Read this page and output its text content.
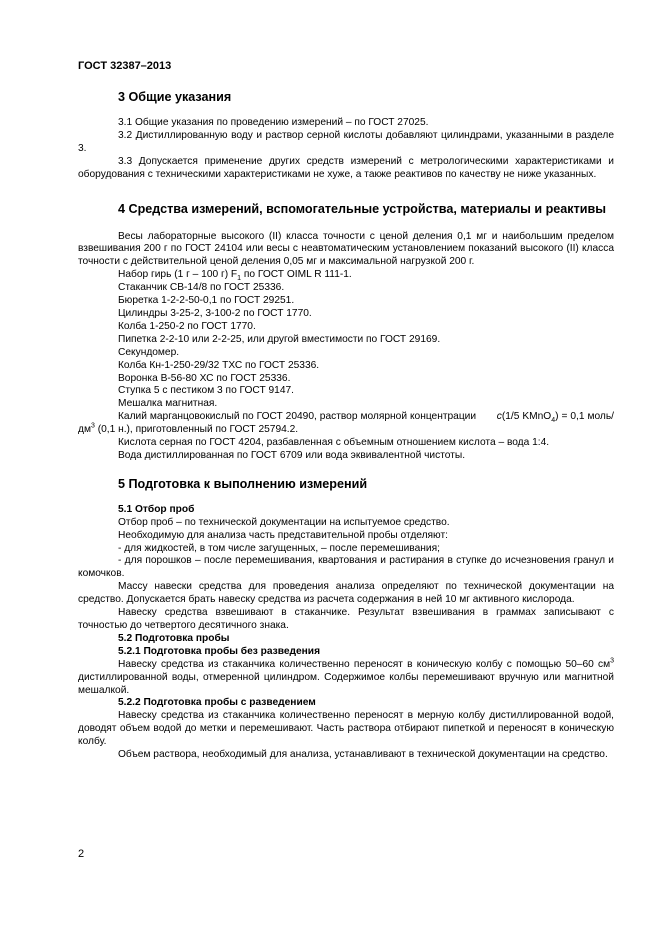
ГОСТ 32387–2013
3 Общие указания

3.1 Общие указания по проведению измерений – по ГОСТ 27025.

3.2 Дистиллированную воду и раствор серной кислоты добавляют цилиндрами, указанными в разделе 3.

3.3 Допускается применение других средств измерений с метрологическими характеристиками и оборудования с техническими характеристиками не хуже, а также реактивов по качеству не ниже указанных.

4 Средства измерений, вспомогательные устройства, материалы и реактивы

Весы лабораторные высокого (II) класса точности с ценой деления 0,1 мг и наибольшим пределом взвешивания 200 г по ГОСТ 24104 или весы с неавтоматическим установлением показаний высокого (II) класса точности с действительной ценой деления 0,05 мг и максимальной нагрузкой 200 г.

Набор гирь (1 г – 100 г) $F_1$ по ГОСТ OIML R 111-1.

Стаканчик СВ-14/8 по ГОСТ 25336.

Бюретка 1-2-2-50-0,1 по ГОСТ 29251.

Цилиндры 3-25-2, 3-100-2 по ГОСТ 1770.

Колба 1-250-2 по ГОСТ 1770.

Пипетка 2-2-10 или 2-2-25, или другой вместимости по ГОСТ 29169.

Секундомер.

Колба Кн-1-250-29/32 ТХС по ГОСТ 25336.

Воронка В-56-80 ХС по ГОСТ 25336.

Ступка 5 с пестиком 3 по ГОСТ 9147.

Мешалка магнитная.

Калий марганцовокислый по ГОСТ 20490, раствор молярной концентрации       c(1/5 KMnO$_4$) = 0,1 моль/$дм^3$ (0,1 н.), приготовленный по ГОСТ 25794.2.

Кислота серная по ГОСТ 4204, разбавленная с объемным отношением кислота – вода 1:4.

Вода дистиллированная по ГОСТ 6709 или вода эквивалентной чистоты.

5 Подготовка к выполнению измерений

5.1 Отбор проб

Отбор проб – по технической документации на испытуемое средство.

Необходимую для анализа часть представительной пробы отделяют:

- для жидкостей, в том числе загущенных, – после перемешивания;

- для порошков – после перемешивания, квартования и растирания в ступке до исчезновения гранул и комочков.

Массу навески средства для проведения анализа определяют по технической документации на средство. Допускается брать навеску средства из расчета содержания в ней 10 мг активного кислорода.

Навеску средства взвешивают в стаканчике. Результат взвешивания в граммах записывают с точностью до четвертого десятичного знака.

5.2 Подготовка пробы

5.2.1 Подготовка пробы без разведения

Навеску средства из стаканчика количественно переносят в коническую колбу с помощью 50–60 $см^3$ дистиллированной воды, отмеренной цилиндром. Содержимое колбы перемешивают вручную или магнитной мешалкой.

5.2.2 Подготовка пробы с разведением

Навеску средства из стаканчика количественно переносят в мерную колбу дистиллированной водой, доводят объем водой до метки и перемешивают. Часть раствора отбирают пипеткой и переносят в коническую колбу.

Объем раствора, необходимый для анализа, устанавливают в технической документации на средство.

2
